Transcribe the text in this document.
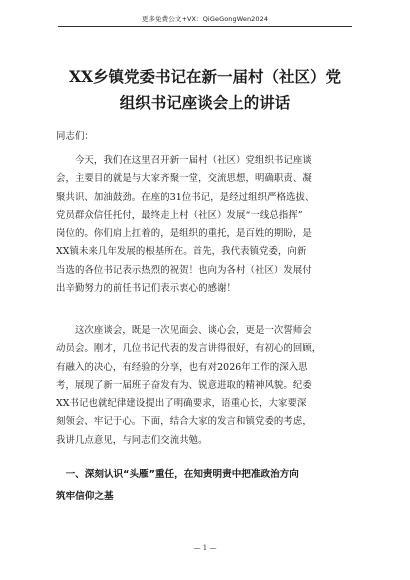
更多免费公文+VX：QiGeGongWen2024
XX乡镇党委书记在新一届村（社区）党
组织书记座谈会上的讲话

同志们：

　　今天，我们在这里召开新一届村（社区）党组织书记座谈
会，主要目的就是与大家齐聚一堂，交流思想，明确职责、凝
聚共识、加油鼓劲。在座的31位书记，是经过组织严格选拔、
党员群众信任托付，最终走上村（社区）发展“一线总指挥”
岗位的。你们肩上扛着的，是组织的重托，是百姓的期盼，是
XX镇未来几年发展的根基所在。首先，我代表镇党委，向新
当选的各位书记表示热烈的祝贺！也向为各村（社区）发展付
出辛勤努力的前任书记们表示衷心的感谢！
　　这次座谈会，既是一次见面会、谈心会，更是一次誓师会
动员会。刚才，几位书记代表的发言讲得很好，有初心的回顾，
有融入的决心，有经验的分享，也有对2026年工作的深入思
考，展现了新一届班子奋发有为、锐意进取的精神风貌。纪委
XX书记也就纪律建设提出了明确要求，语重心长，大家要深
刻领会、牢记于心。下面，结合大家的发言和镇党委的考虑，
我讲几点意见，与同志们交流共勉。
　一、深刻认识“头雁”重任，在知责明责中把准政治方向
筑牢信仰之基
— 1 —
